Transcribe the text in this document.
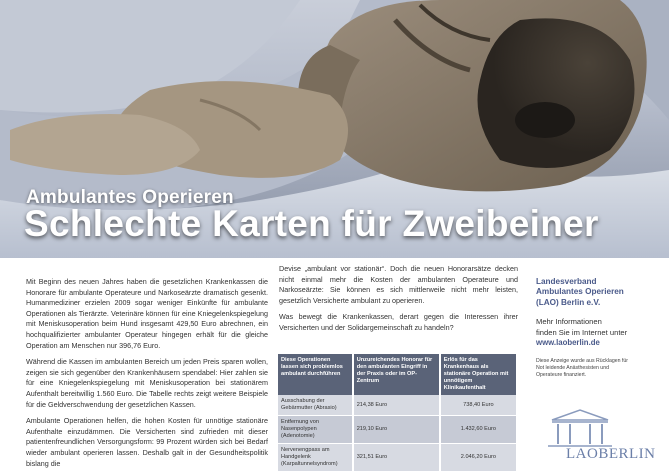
Ambulantes Operieren
Schlechte Karten für Zweibeiner

Mit Beginn des neuen Jahres haben die gesetzlichen Krankenkassen die Honorare für ambulante Operateure und Narkoseärzte dramatisch gesenkt. Humanmediziner erzielen 2009 sogar weniger Einkünfte für ambulante Operationen als Tierärzte. Veterinäre können für eine Kniegelenkspiegelung mit Meniskusoperation beim Hund insgesamt 429,50 Euro abrechnen, ein hochqualifizierter ambulanter Operateur hingegen erhält für die gleiche Operation am Menschen nur 396,76 Euro.

Während die Kassen im ambulanten Bereich um jeden Preis sparen wollen, zeigen sie sich gegenüber den Krankenhäusern spendabel: Hier zahlen sie für eine Kniegelenkspiegelung mit Meniskusoperation bei stationärem Aufenthalt bereitwillig 1.560 Euro. Die Tabelle rechts zeigt weitere Beispiele für die Geldverschwendung der gesetzlichen Kassen.

Ambulante Operationen helfen, die hohen Kosten für unnötige stationäre Aufenthalte einzudämmen. Die Versicherten sind zufrieden mit dieser patientenfreundlichen Versorgungsform: 99 Prozent würden sich bei Bedarf wieder ambulant operieren lassen. Deshalb galt in der Gesundheitspolitik bislang die

Devise „ambulant vor stationär“. Doch die neuen Honorarsätze decken nicht einmal mehr die Kosten der ambulanten Operateure und Narkoseärzte: Sie können es sich mittlerweile nicht mehr leisten, gesetzlich Versicherte ambulant zu operieren.

Was bewegt die Krankenkassen, derart gegen die Interessen ihrer Versicherten und der Solidargemeinschaft zu handeln?

Diese Operationen lassen sich problemlos ambulant durchführen	Unzureichendes Honorar für den ambulanten Eingriff in der Praxis oder im OP-Zentrum	Erlös für das Krankenhaus als stationäre Operation mit unnötigem Klinikaufenthalt
Ausschabung der Gebärmutter (Abrasio)	214,38 Euro	738,40 Euro
Entfernung von Nasenpolypen (Adenotomie)	219,10 Euro	1.432,60 Euro
Nervenengpass am Handgelenk (Karpaltunnelsyndrom)	321,51 Euro	2.046,20 Euro
Landesverband
Ambulantes Operieren
(LAO) Berlin e.V.
Mehr Informationen
finden Sie im Internet unter
www.laoberlin.de
Diese Anzeige wurde aus Rücklagen für Not leidende Anästhesisten und Operateure finanziert.
LAOBERLIN
